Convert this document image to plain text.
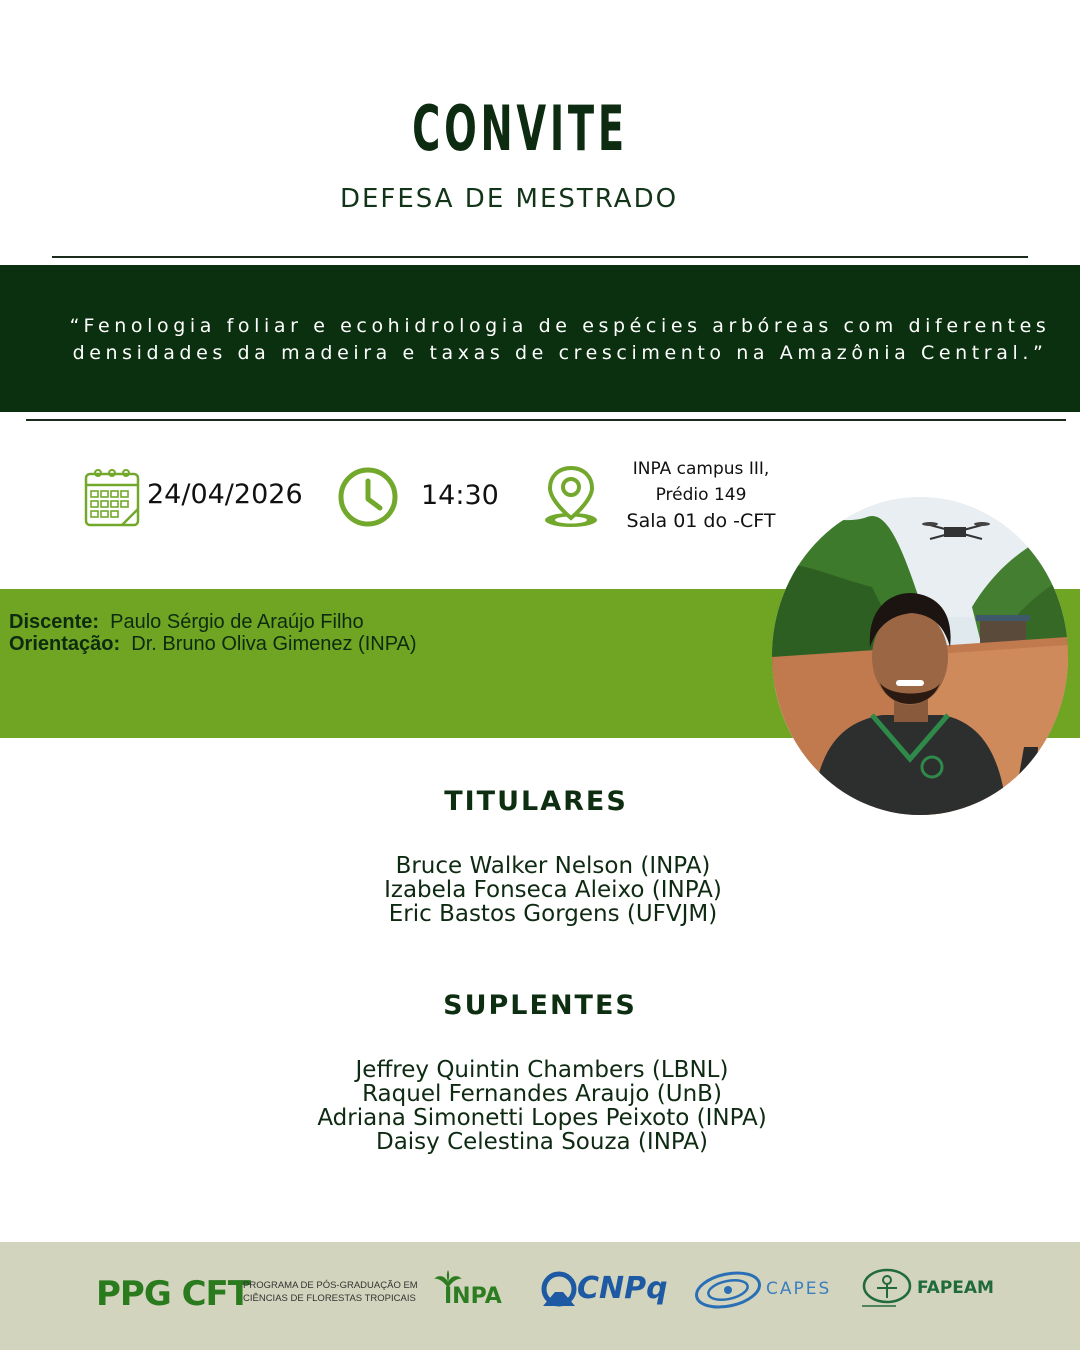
CONVITE
DEFESA DE MESTRADO
“Fenologia foliar e ecohidrologia de espécies arbóreas com diferentes
densidades da madeira e taxas de crescimento na Amazônia Central.”
24/04/2026	14:30
INPA campus III,
Prédio 149
Sala 01 do -CFT
Discente: Paulo Sérgio de Araújo Filho
Orientação: Dr. Bruno Oliva Gimenez (INPA)
TITULARES
Bruce Walker Nelson (INPA)
Izabela Fonseca Aleixo (INPA)
Eric Bastos Gorgens (UFVJM)
SUPLENTES
Jeffrey Quintin Chambers (LBNL)
Raquel Fernandes Araujo (UnB)
Adriana Simonetti Lopes Peixoto (INPA)
Daisy Celestina Souza (INPA)
PPG CFT
PROGRAMA DE PÓS-GRADUAÇÃO EM
CIÊNCIAS DE FLORESTAS TROPICAIS INPA	CNPq	CAPES	FAPEAM
